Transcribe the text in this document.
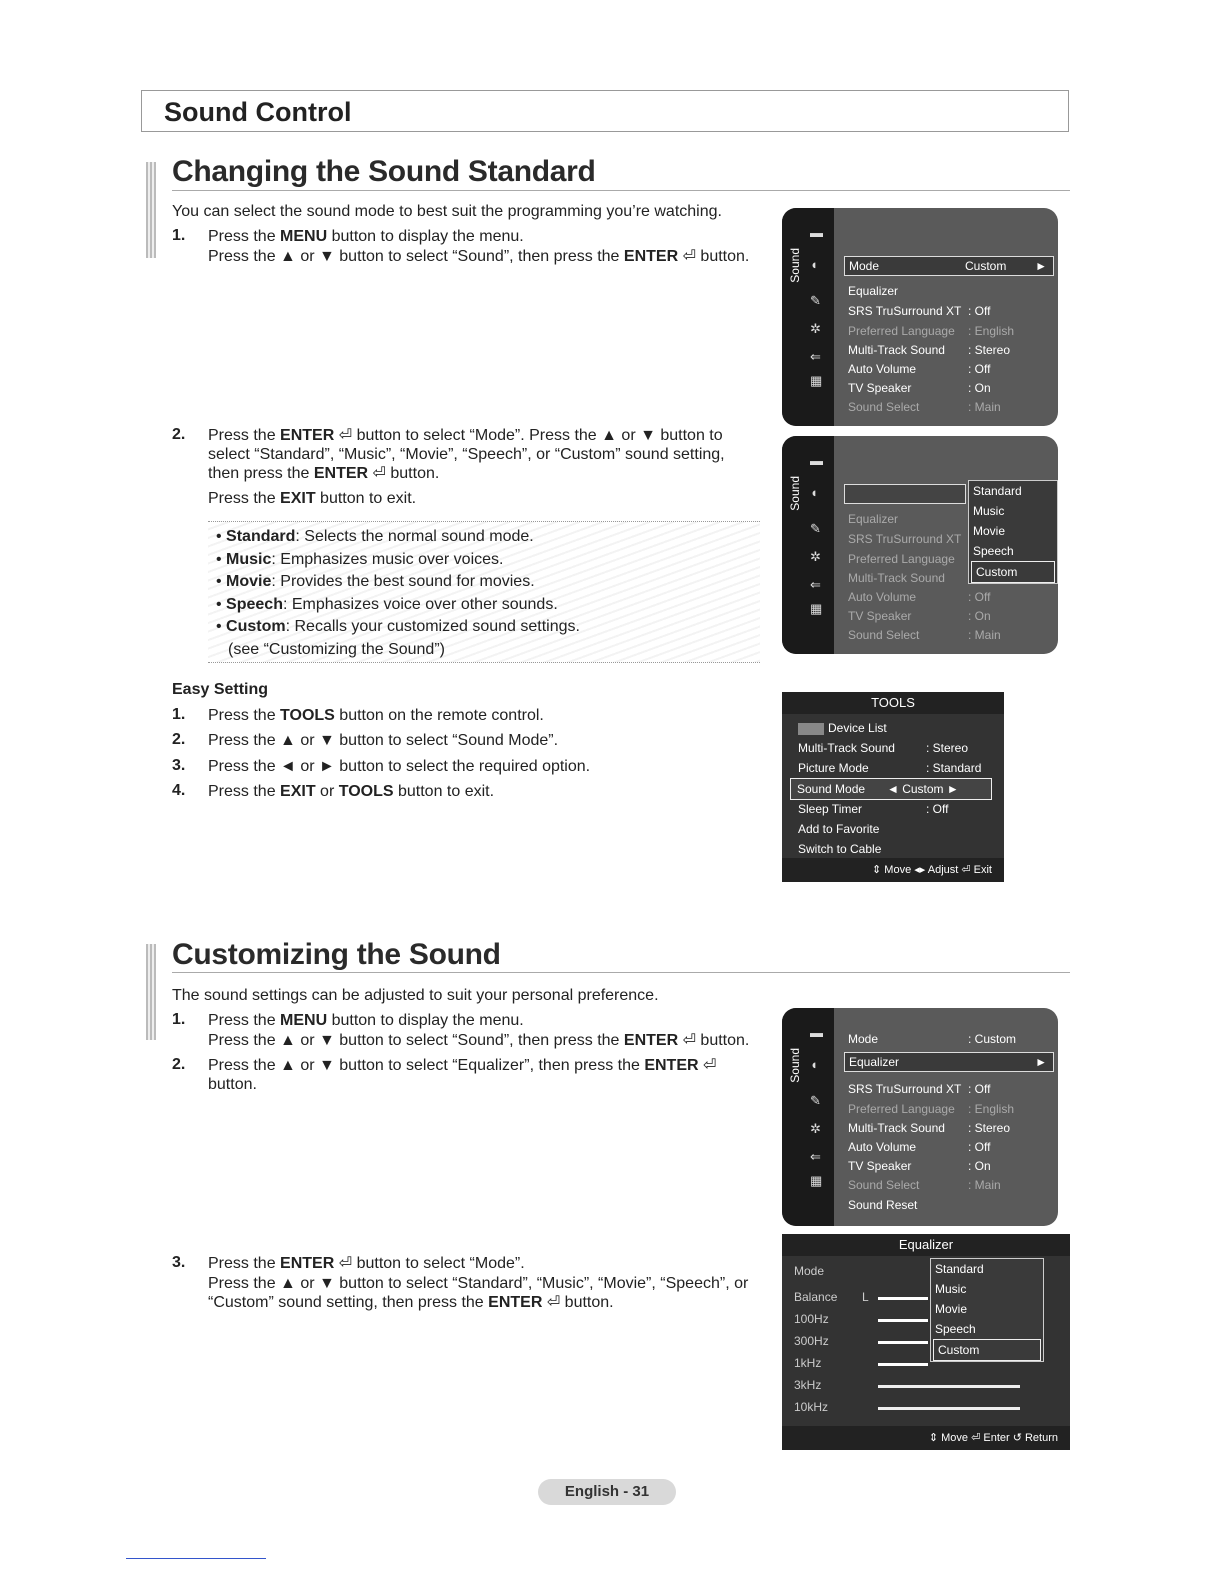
Sound Control
Changing the Sound Standard
You can select the sound mode to best suit the programming you’re watching.
1. Press the MENU button to display the menu.
Press the ▲ or ▼ button to select “Sound”, then press the ENTER ⏎ button.
2. Press the ENTER ⏎ button to select “Mode”. Press the ▲ or ▼ button to
select “Standard”, “Music”, “Movie”, “Speech”, or “Custom” sound setting,
then press the ENTER ⏎ button.
Press the EXIT button to exit.
• Standard: Selects the normal sound mode.
• Music: Emphasizes music over voices.
• Movie: Provides the best sound for movies.
• Speech: Emphasizes voice over other sounds.
• Custom: Recalls your customized sound settings.
(see “Customizing the Sound”)
Easy Setting
1. Press the TOOLS button on the remote control.
2. Press the ▲ or ▼ button to select “Sound Mode”.
3. Press the ◄ or ► button to select the required option.
4. Press the EXIT or TOOLS button to exit.
Sound
▬
◖
✎
✲
⇐
▦
Mode	Custom ►
Equalizer
SRS TruSurround XT : Off
Preferred Language : English
Multi-Track Sound : Stereo
Auto Volume	: Off
TV Speaker	: On
Sound Select	: Main
Sound
▬
◖
✎
✲
⇐
▦
Equalizer
SRS TruSurround XT
Preferred Language
Multi-Track Sound
Auto Volume	: Off
TV Speaker	: On
Sound Select	: Main
Standard
Music
Movie
Speech
Custom
TOOLS
Device List
Multi-Track Sound	: Stereo
Picture Mode	: Standard
Sound Mode ◄ Custom ►
Sleep Timer	: Off
Add to Favorite
Switch to Cable
⇕ Move ◂▸ Adjust ⏎ Exit
Customizing the Sound
The sound settings can be adjusted to suit your personal preference.
1. Press the MENU button to display the menu.
Press the ▲ or ▼ button to select “Sound”, then press the ENTER ⏎ button.
2. Press the ▲ or ▼ button to select “Equalizer”, then press the ENTER ⏎
button.
3. Press the ENTER ⏎ button to select “Mode”.
Press the ▲ or ▼ button to select “Standard”, “Music”, “Movie”, “Speech”, or
“Custom” sound setting, then press the ENTER ⏎ button.
Sound
▬
◖
✎
✲
⇐
▦
Mode	: Custom
Equalizer	►
SRS TruSurround XT : Off
Preferred Language : English
Multi-Track Sound : Stereo
Auto Volume	: Off
TV Speaker	: On
Sound Select	: Main
Sound Reset
Equalizer
Mode
Balance L
100Hz
300Hz
1kHz
3kHz
10kHz
Standard
Music
Movie
Speech
Custom
⇕ Move ⏎ Enter ↺ Return
English - 31
